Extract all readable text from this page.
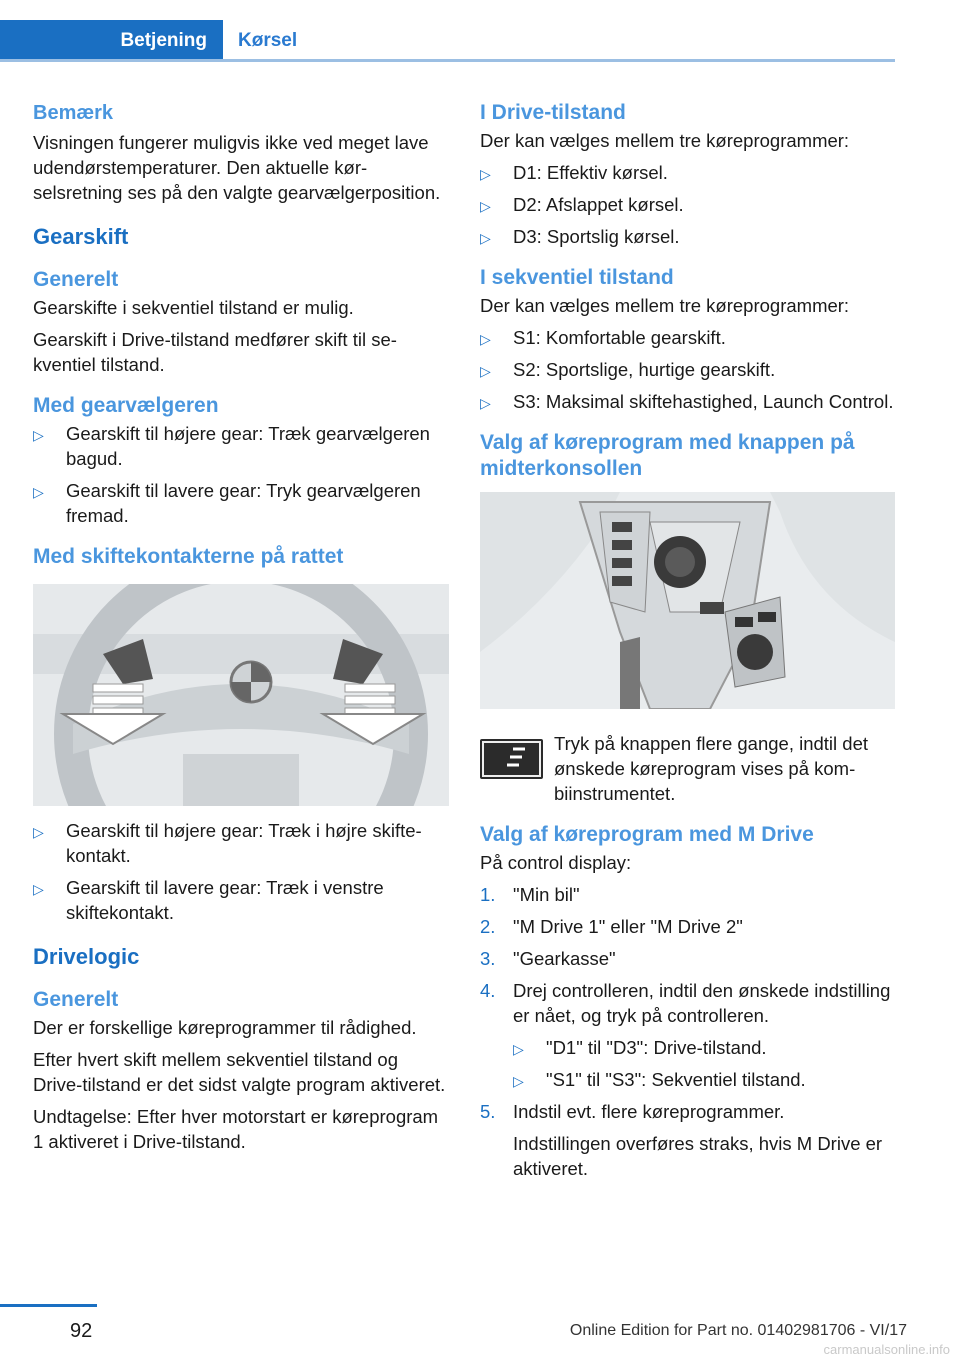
Betjening	Kørsel
Bemærk

Visningen fungerer muligvis ikke ved meget lave udendørstemperaturer. Den aktuelle kørselsretning ses på den valgte gearvælgerposition.

Gearskift
Generelt

Gearskifte i sekventiel tilstand er mulig.

Gearskift i Drive-tilstand medfører skift til sekventiel tilstand.

Med gearvælgeren
▷ Gearskift til højere gear: Træk gearvælgeren bagud.
▷ Gearskift til lavere gear: Tryk gearvælgeren fremad.
Med skiftekontakterne på rattet
▷ Gearskift til højere gear: Træk i højre skiftekontakt.
▷ Gearskift til lavere gear: Træk i venstre skiftekontakt.
Drivelogic
Generelt

Der er forskellige køreprogrammer til rådighed.

Efter hvert skift mellem sekventiel tilstand og Drive-tilstand er det sidst valgte program aktiveret.

Undtagelse: Efter hver motorstart er køreprogram 1 aktiveret i Drive-tilstand.

I Drive-tilstand

Der kan vælges mellem tre køreprogrammer:

▷ D1: Effektiv kørsel.
▷ D2: Afslappet kørsel.
▷ D3: Sportslig kørsel.
I sekventiel tilstand

Der kan vælges mellem tre køreprogrammer:

▷ S1: Komfortable gearskift.
▷ S2: Sportslige, hurtige gearskift.
▷ S3: Maksimal skiftehastighed, Launch Control.
Valg af køreprogram med knappen på midterkonsollen

Tryk på knappen flere gange, indtil det ønskede køreprogram vises på kombiinstrumentet.

Valg af køreprogram med M Drive

På control display:

1. "Min bil"
2. "M Drive 1" eller "M Drive 2"
3. "Gearkasse"
4. Drej controlleren, indtil den ønskede indstilling er nået, og tryk på controlleren.
▷ "D1" til "D3": Drive-tilstand.
▷ "S1" til "S3": Sekventiel tilstand.
5. Indstil evt. flere køreprogrammer.
Indstillingen overføres straks, hvis M Drive er aktiveret.
92	Online Edition for Part no. 01402981706 - VI/17
carmanualsonline.info
